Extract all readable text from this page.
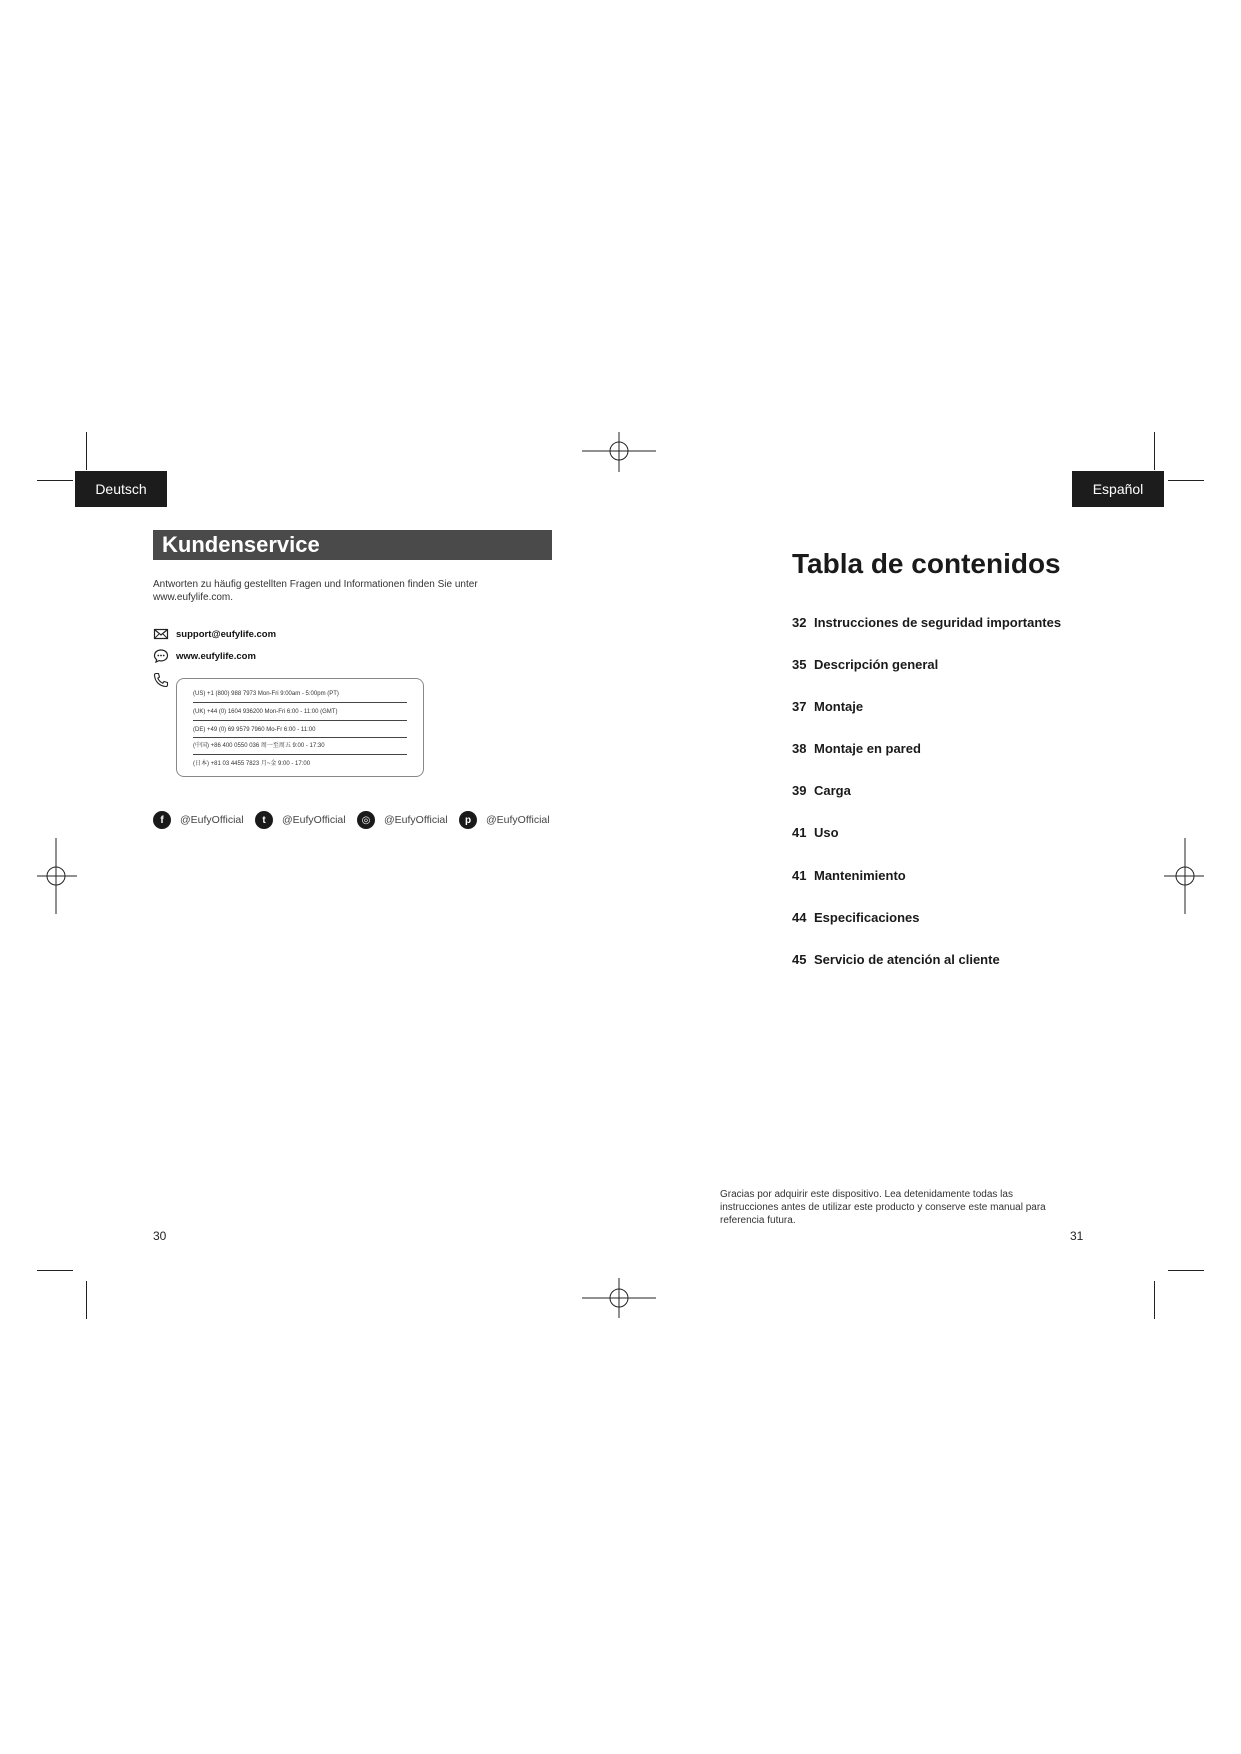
Deutsch
Kundenservice
Antworten zu häufig gestellten Fragen und Informationen finden Sie unter www.eufylife.com.
support@eufylife.com
www.eufylife.com
(US) +1 (800) 988 7973 Mon-Fri 9:00am - 5:00pm (PT)
(UK) +44 (0) 1604 936200 Mon-Fri 6:00 - 11:00 (GMT)
(DE) +49 (0) 69 9579 7960 Mo-Fr 6:00 - 11:00
(中国) +86 400 0550 036 周一至周五 9:00 - 17:30
(日本) +81 03 4455 7823 月~金 9:00 - 17:00
f	@EufyOfficial	t	@EufyOfficial	◎	@EufyOfficial	p	@EufyOfficial
30
Español
Tabla de contenidos
32 Instrucciones de seguridad importantes
35 Descripción general
37 Montaje
38 Montaje en pared
39 Carga
41 Uso
41 Mantenimiento
44 Especificaciones
45 Servicio de atención al cliente
Gracias por adquirir este dispositivo. Lea detenidamente todas las instrucciones antes de utilizar este producto y conserve este manual para referencia futura.
31
